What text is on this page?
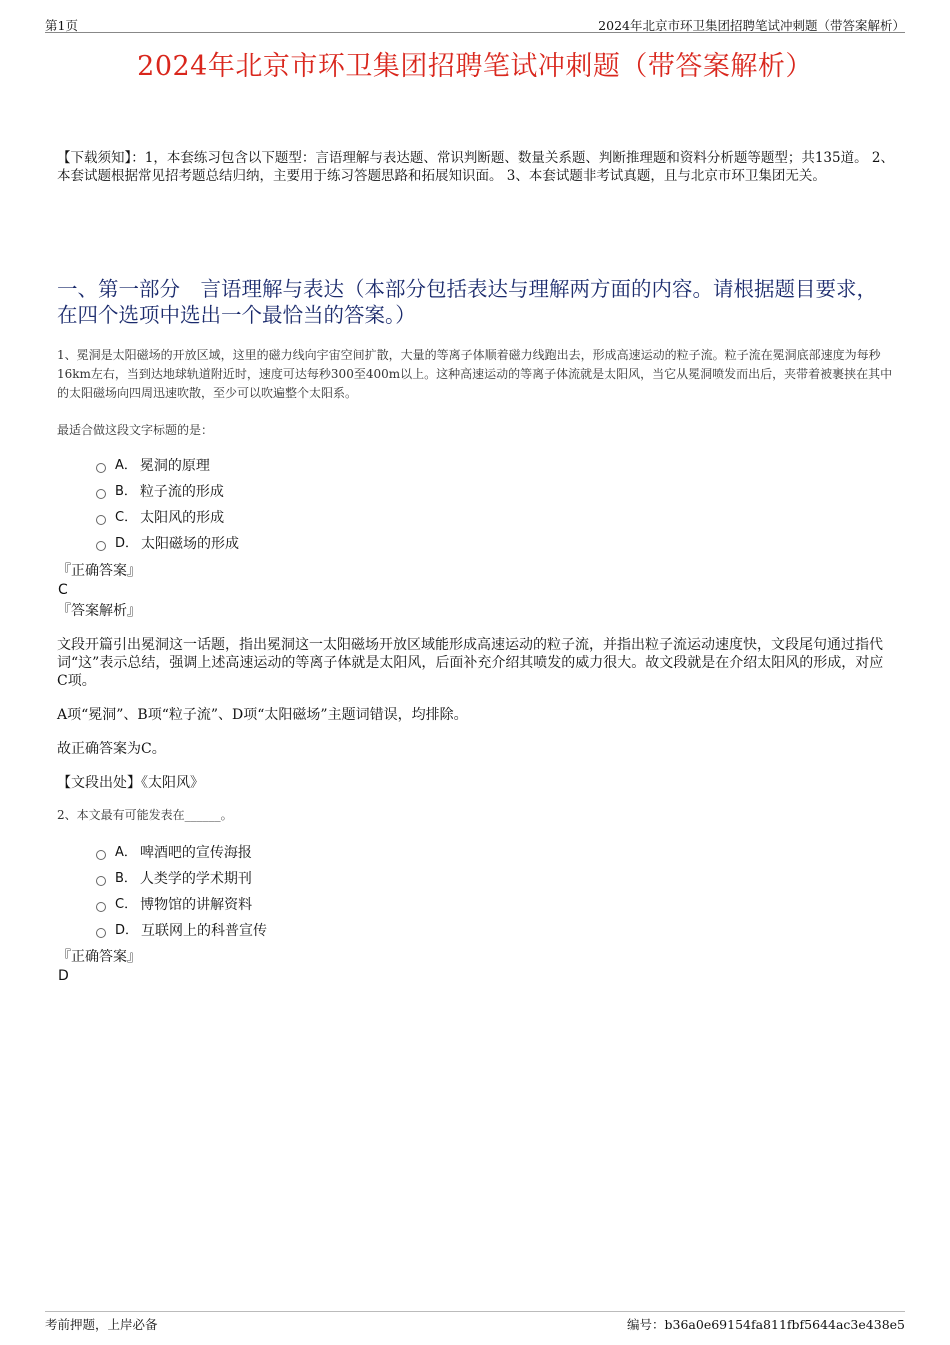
第1页	2024年北京市环卫集团招聘笔试冲刺题（带答案解析）
2024年北京市环卫集团招聘笔试冲刺题（带答案解析）
【下载须知】：1，本套练习包含以下题型：言语理解与表达题、常识判断题、数量关系题、判断推理题和资料分析题等题型；共135道。 2、本套试题根据常见招考题总结归纳，主要用于练习答题思路和拓展知识面。 3、本套试题非考试真题，且与北京市环卫集团无关。
一、第一部分　言语理解与表达（本部分包括表达与理解两方面的内容。请根据题目要求，在四个选项中选出一个最恰当的答案。）
1、冕洞是太阳磁场的开放区域，这里的磁力线向宇宙空间扩散，大量的等离子体顺着磁力线跑出去，形成高速运动的粒子流。粒子流在冕洞底部速度为每秒16km左右，当到达地球轨道附近时，速度可达每秒300至400m以上。这种高速运动的等离子体流就是太阳风，当它从冕洞喷发而出后，夹带着被裹挟在其中的太阳磁场向四周迅速吹散，至少可以吹遍整个太阳系。
最适合做这段文字标题的是：
A． 冕洞的原理
B． 粒子流的形成
C． 太阳风的形成
D． 太阳磁场的形成
『正确答案』
C
『答案解析』
文段开篇引出冕洞这一话题，指出冕洞这一太阳磁场开放区域能形成高速运动的粒子流，并指出粒子流运动速度快，文段尾句通过指代词“这”表示总结，强调上述高速运动的等离子体就是太阳风，后面补充介绍其喷发的威力很大。故文段就是在介绍太阳风的形成，对应C项。
A项“冕洞”、B项“粒子流”、D项“太阳磁场”主题词错误，均排除。
故正确答案为C。
【文段出处】《太阳风》
2、本文最有可能发表在______。
A． 啤酒吧的宣传海报
B． 人类学的学术期刊
C． 博物馆的讲解资料
D． 互联网上的科普宣传
『正确答案』
D
考前押题，上岸必备	编号：b36a0e69154fa811fbf5644ac3e438e5
